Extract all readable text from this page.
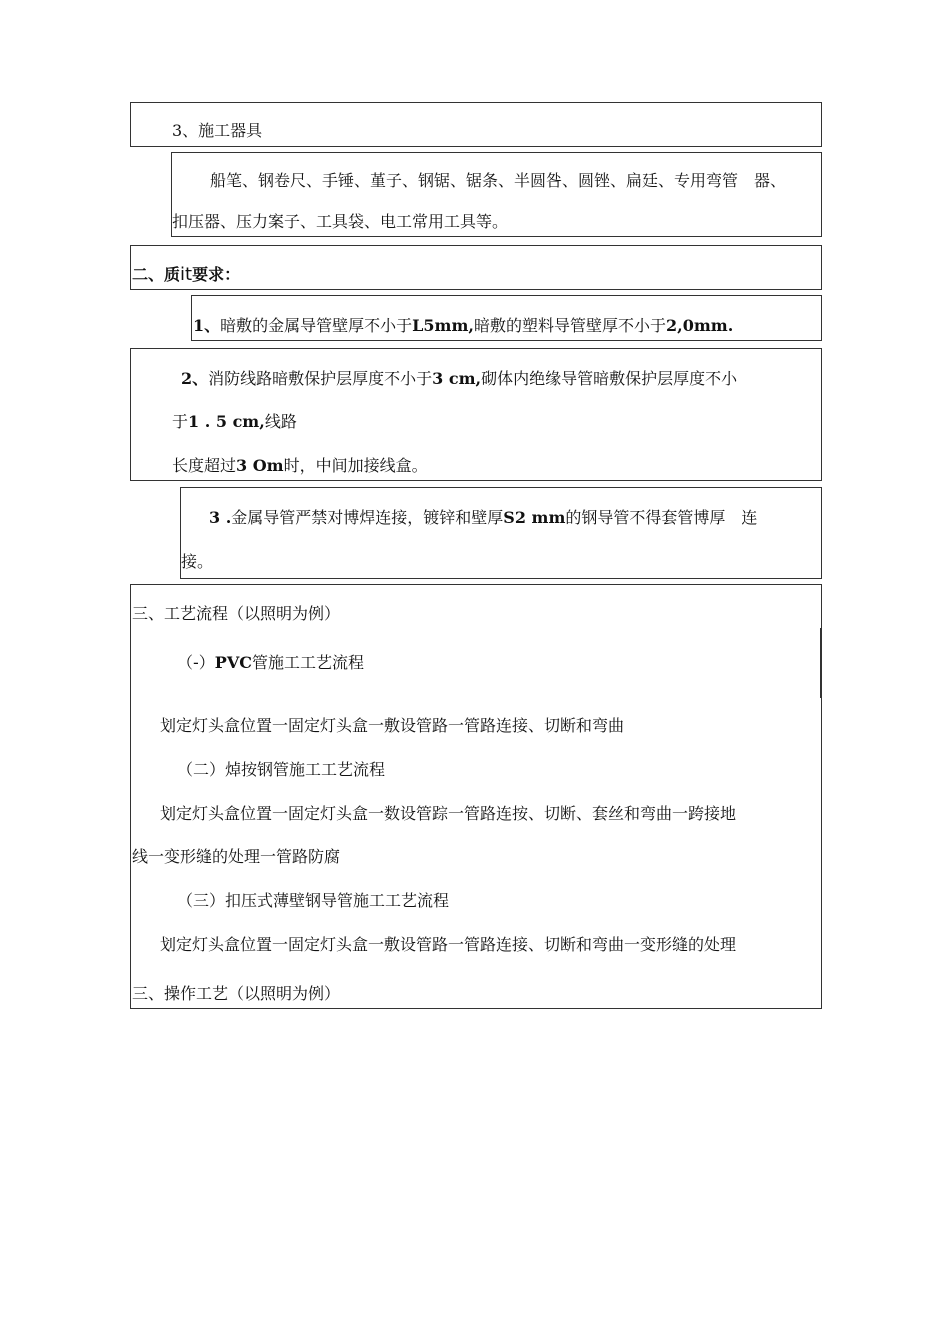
3、施工器具
船笔、钢卷尺、手锤、堇子、钢锯、锯条、半圆咎、圆锉、扁廷、专用弯管　器、
扣压器、压力案子、工具袋、电工常用工具等。
二、质it要求：
1、暗敷的金属导管壁厚不小于L5mm,暗敷的塑料导管壁厚不小于2,0mm.
2、消防线路暗敷保护层厚度不小于3 cm,砌体内绝缘导管暗敷保护层厚度不小
于1 . 5 cm,线路
长度超过3 Om时，中间加接线盒。
3 .金属导管严禁对博焊连接，镀锌和壁厚S2 mm的钢导管不得套管博厚　连
接。
三、工艺流程（以照明为例）
（-）PVC管施工工艺流程
划定灯头盒位置一固定灯头盒一敷设管路一管路连接、切断和弯曲
（二）焯按钢管施工工艺流程
划定灯头盒位置一固定灯头盒一数设管踪一管路连按、切断、套丝和弯曲一跨接地
线一变形缝的处理一管路防腐
（三）扣压式薄壁钢导管施工工艺流程
划定灯头盒位置一固定灯头盒一敷设管路一管路连接、切断和弯曲一变形缝的处理
三、操作工艺（以照明为例）
